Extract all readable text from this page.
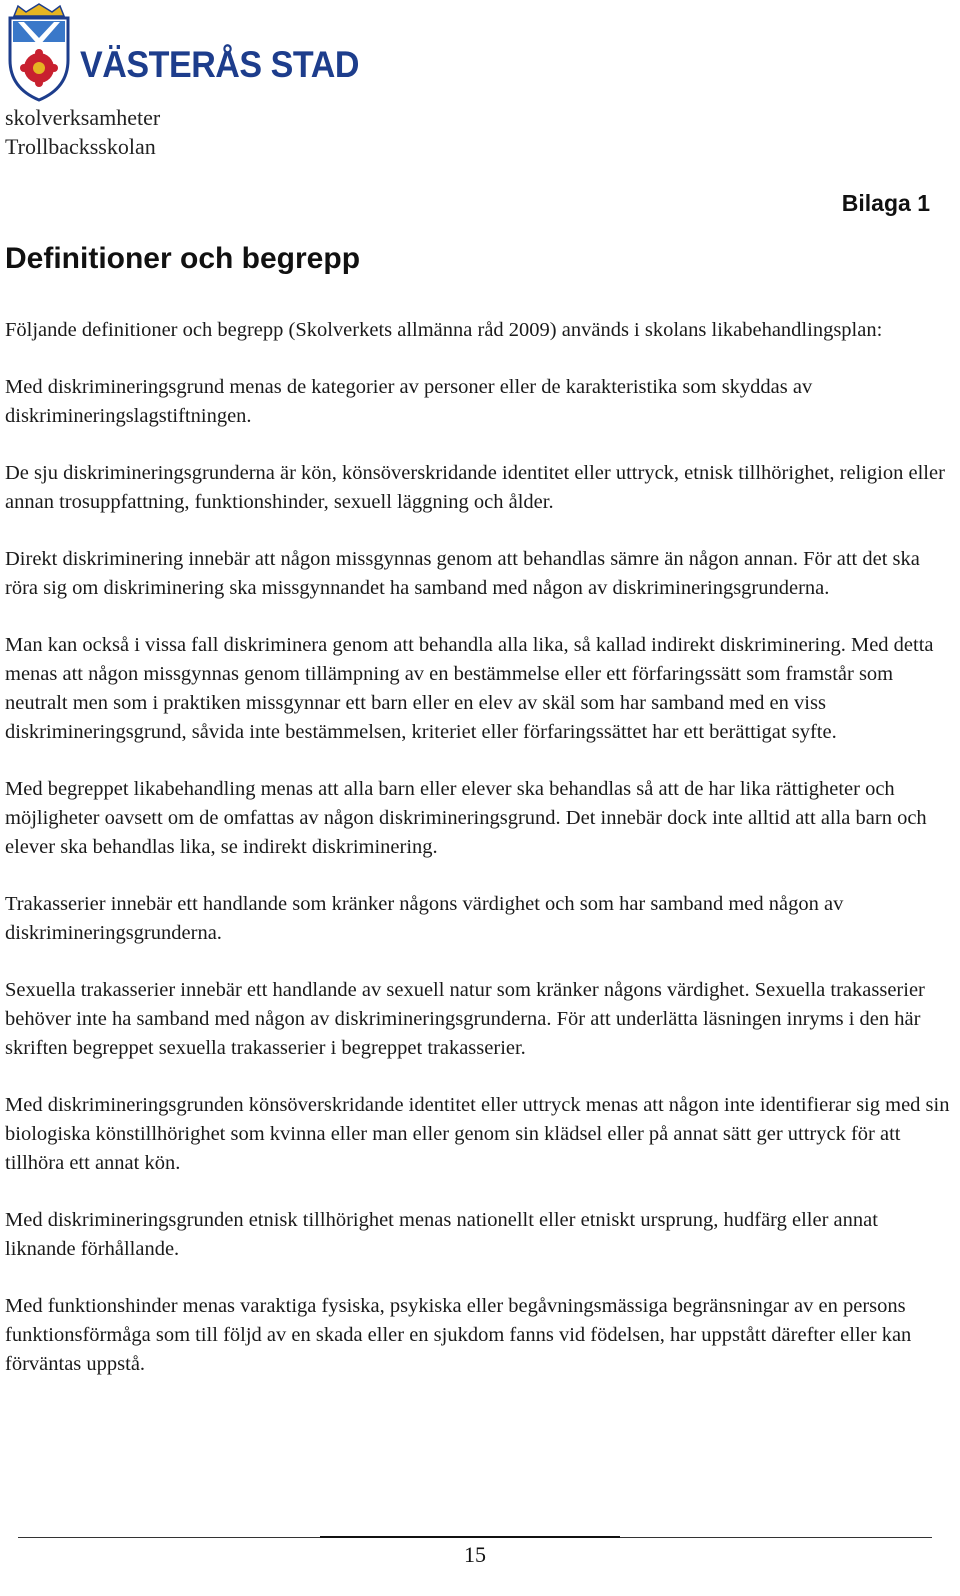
VÄSTERÅS STAD
skolverksamheter
Trollbacksskolan
Bilaga 1
Definitioner och begrepp

Följande definitioner och begrepp (Skolverkets allmänna råd 2009) används i skolans likabehandlingsplan:

Med diskrimineringsgrund menas de kategorier av personer eller de karakteristika som skyddas av diskrimineringslagstiftningen.

De sju diskrimineringsgrunderna är kön, könsöverskridande identitet eller uttryck, etnisk tillhörighet, religion eller annan trosuppfattning, funktionshinder, sexuell läggning och ålder.

Direkt diskriminering innebär att någon missgynnas genom att behandlas sämre än någon annan. För att det ska röra sig om diskriminering ska missgynnandet ha samband med någon av diskrimineringsgrunderna.

Man kan också i vissa fall diskriminera genom att behandla alla lika, så kallad indirekt diskriminering. Med detta menas att någon missgynnas genom tillämpning av en bestämmelse eller ett förfaringssätt som framstår som neutralt men som i praktiken missgynnar ett barn eller en elev av skäl som har samband med en viss diskrimineringsgrund, såvida inte bestämmelsen, kriteriet eller förfaringssättet har ett berättigat syfte.

Med begreppet likabehandling menas att alla barn eller elever ska behandlas så att de har lika rättigheter och möjligheter oavsett om de omfattas av någon diskrimineringsgrund. Det innebär dock inte alltid att alla barn och elever ska behandlas lika, se indirekt diskriminering.

Trakasserier innebär ett handlande som kränker någons värdighet och som har samband med någon av diskrimineringsgrunderna.

Sexuella trakasserier innebär ett handlande av sexuell natur som kränker någons värdighet. Sexuella trakasserier behöver inte ha samband med någon av diskrimineringsgrunderna. För att underlätta läsningen inryms i den här skriften begreppet sexuella trakasserier i begreppet trakasserier.

Med diskrimineringsgrunden könsöverskridande identitet eller uttryck menas att någon inte identifierar sig med sin biologiska könstillhörighet som kvinna eller man eller genom sin klädsel eller på annat sätt ger uttryck för att tillhöra ett annat kön.

Med diskrimineringsgrunden etnisk tillhörighet menas nationellt eller etniskt ursprung, hudfärg eller annat liknande förhållande.

Med funktionshinder menas varaktiga fysiska, psykiska eller begåvningsmässiga begränsningar av en persons funktionsförmåga som till följd av en skada eller en sjukdom fanns vid födelsen, har uppstått därefter eller kan förväntas uppstå.

15
